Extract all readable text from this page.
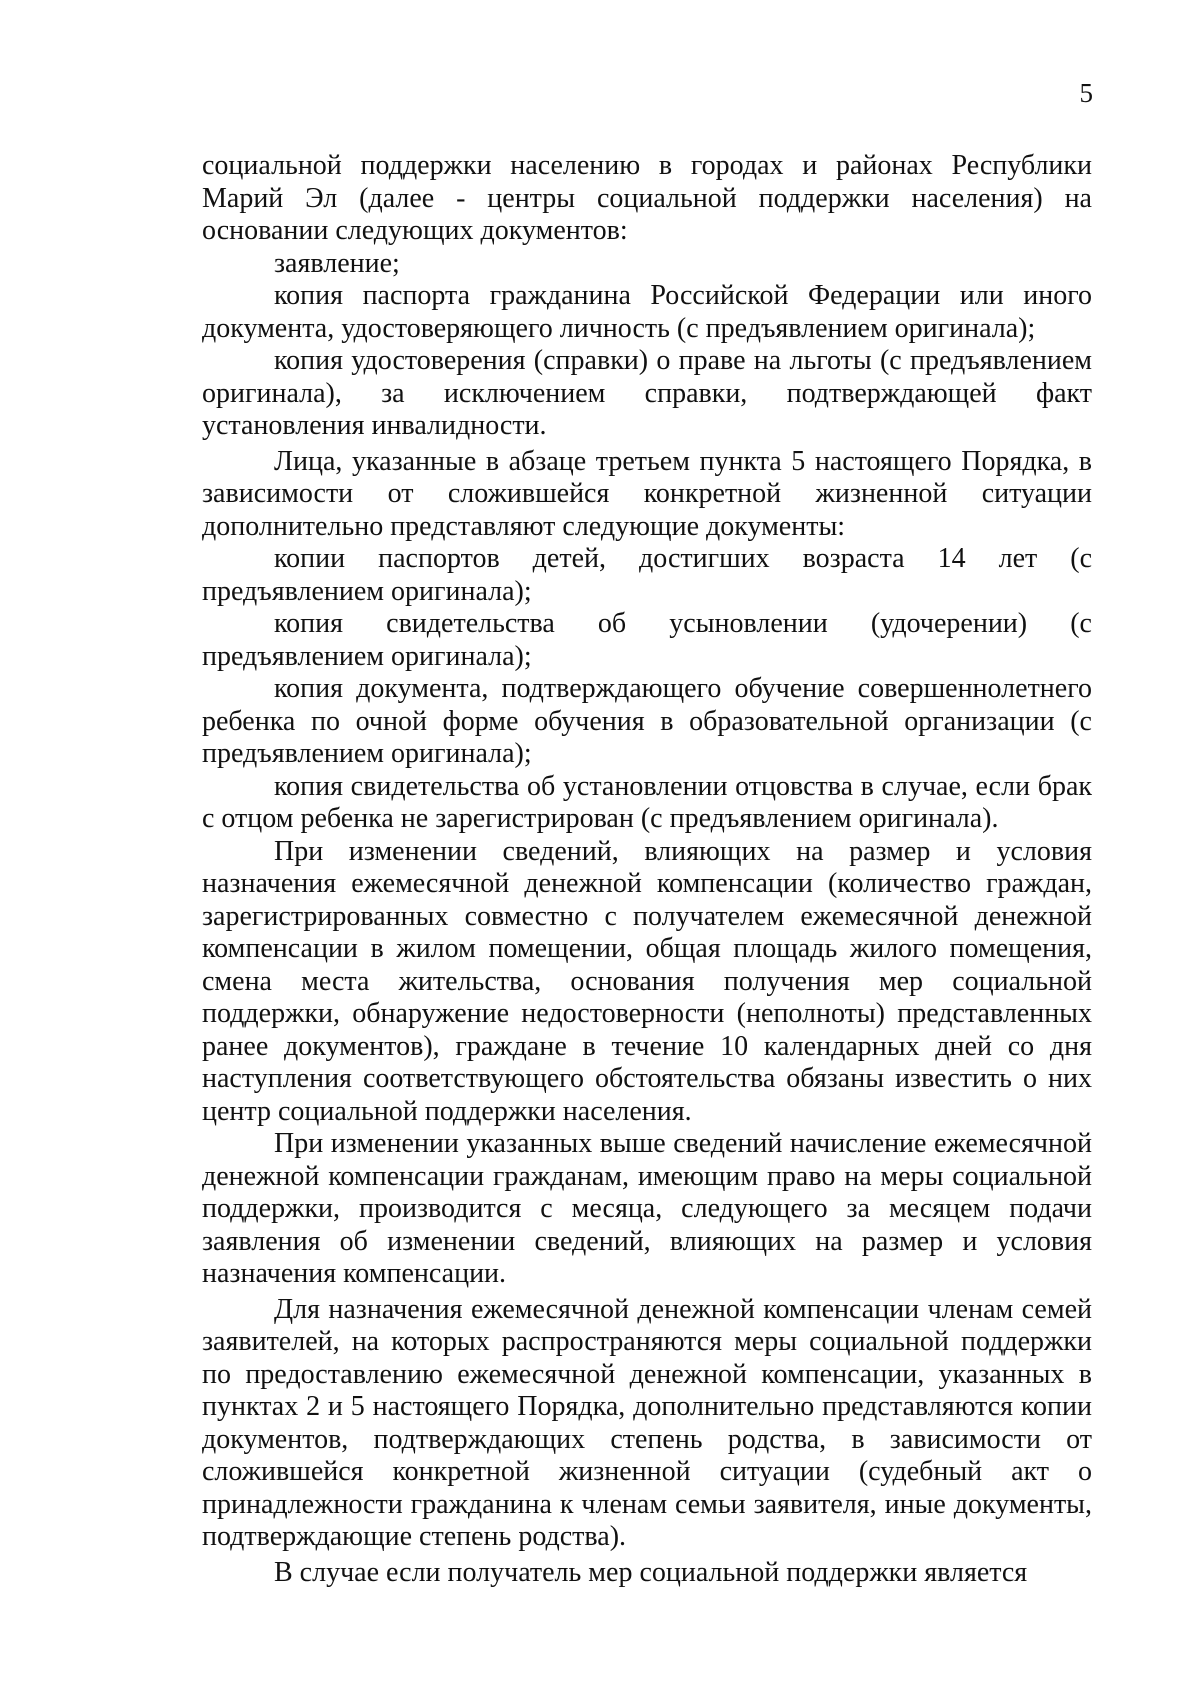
5

социальной поддержки населению в городах и районах Республики Марий Эл (далее - центры социальной поддержки населения) на основании следующих документов:

заявление;

копия паспорта гражданина Российской Федерации или иного документа, удостоверяющего личность (с предъявлением оригинала);

копия удостоверения (справки) о праве на льготы (с предъявлением оригинала), за исключением справки, подтверждающей факт установления инвалидности.

Лица, указанные в абзаце третьем пункта 5 настоящего Порядка, в зависимости от сложившейся конкретной жизненной ситуации дополнительно представляют следующие документы:

копии паспортов детей, достигших возраста 14 лет (с предъявлением оригинала);

копия свидетельства об усыновлении (удочерении) (с предъявлением оригинала);

копия документа, подтверждающего обучение совершеннолетнего ребенка по очной форме обучения в образовательной организации (с предъявлением оригинала);

копия свидетельства об установлении отцовства в случае, если брак с отцом ребенка не зарегистрирован (с предъявлением оригинала).

При изменении сведений, влияющих на размер и условия назначения ежемесячной денежной компенсации (количество граждан, зарегистрированных совместно с получателем ежемесячной денежной компенсации в жилом помещении, общая площадь жилого помещения, смена места жительства, основания получения мер социальной поддержки, обнаружение недостоверности (неполноты) представленных ранее документов), граждане в течение 10 календарных дней со дня наступления соответствующего обстоятельства обязаны известить о них центр социальной поддержки населения.

При изменении указанных выше сведений начисление ежемесячной денежной компенсации гражданам, имеющим право на меры социальной поддержки, производится с месяца, следующего за месяцем подачи заявления об изменении сведений, влияющих на размер и условия назначения компенсации.

Для назначения ежемесячной денежной компенсации членам семей заявителей, на которых распространяются меры социальной поддержки по предоставлению ежемесячной денежной компенсации, указанных в пунктах 2 и 5 настоящего Порядка, дополнительно представляются копии документов, подтверждающих степень родства, в зависимости от сложившейся конкретной жизненной ситуации (судебный акт о принадлежности гражданина к членам семьи заявителя, иные документы, подтверждающие степень родства).

В случае если получатель мер социальной поддержки является
